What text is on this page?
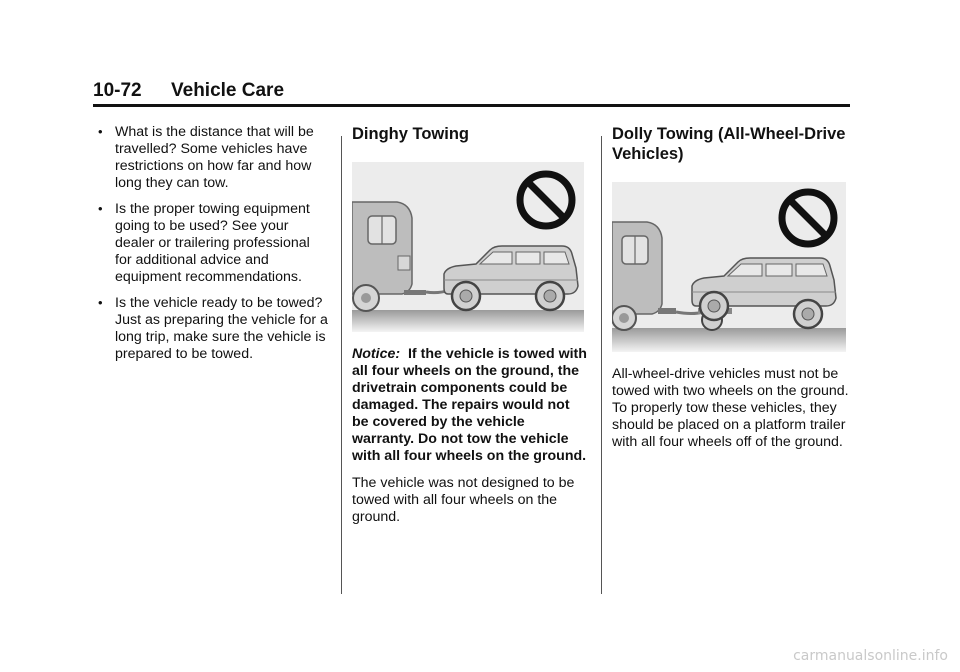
10-72 Vehicle Care
• What is the distance that will be travelled? Some vehicles have restrictions on how far and how long they can tow.
• Is the proper towing equipment going to be used? See your dealer or trailering professional for additional advice and equipment recommendations.
• Is the vehicle ready to be towed? Just as preparing the vehicle for a long trip, make sure the vehicle is prepared to be towed.
Dinghy Towing

Notice: If the vehicle is towed with all four wheels on the ground, the drivetrain components could be damaged. The repairs would not be covered by the vehicle warranty. Do not tow the vehicle with all four wheels on the ground.

The vehicle was not designed to be towed with all four wheels on the ground.

Dolly Towing (All-Wheel-Drive Vehicles)

All-wheel-drive vehicles must not be towed with two wheels on the ground. To properly tow these vehicles, they should be placed on a platform trailer with all four wheels off of the ground.

carmanualsonline.info
